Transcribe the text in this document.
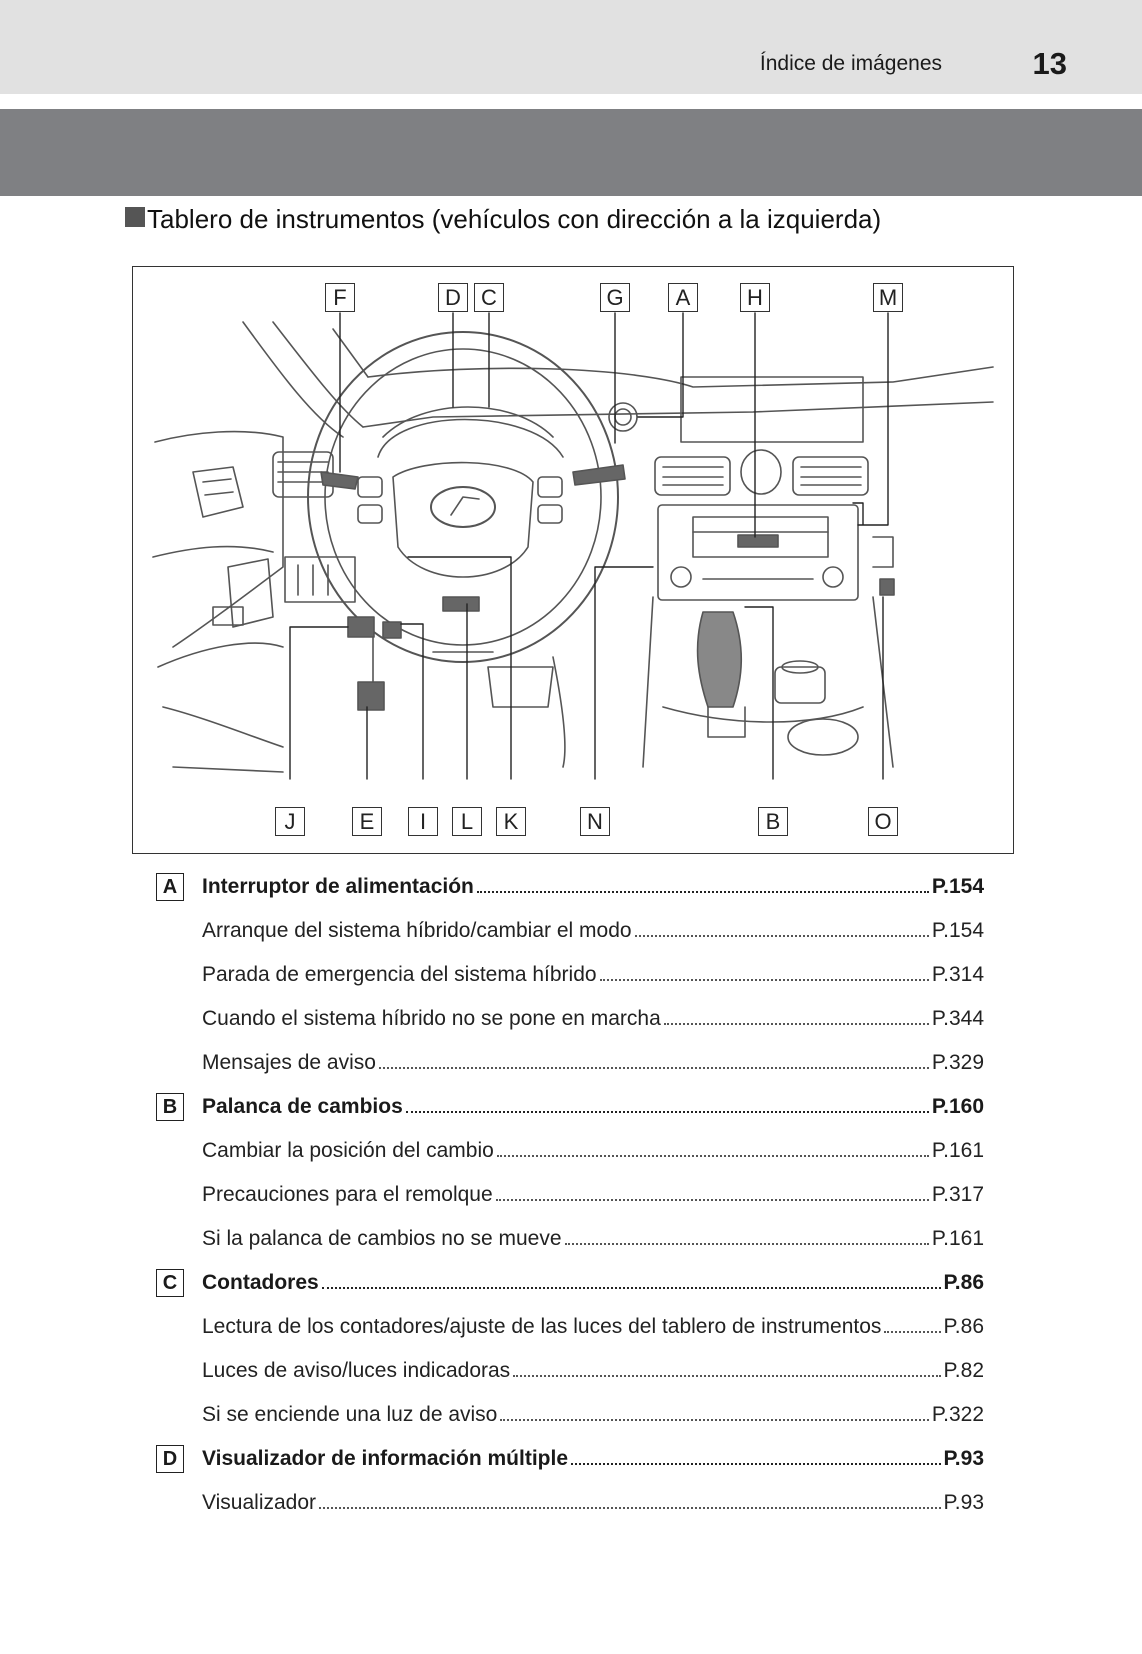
Índice de imágenes	13
Tablero de instrumentos (vehículos con dirección a la izquierda)
F	D C	G	A	H	M
J	E	I	L	K	N	B	O
A	Interruptor de alimentación	P.154
Arranque del sistema híbrido/cambiar el modo	P.154
Parada de emergencia del sistema híbrido	P.314
Cuando el sistema híbrido no se pone en marcha	P.344
Mensajes de aviso	P.329
B	Palanca de cambios	P.160
Cambiar la posición del cambio	P.161
Precauciones para el remolque	P.317
Si la palanca de cambios no se mueve	P.161
C	Contadores	P.86
Lectura de los contadores/ajuste de las luces del tablero de instrumentos	P.86
Luces de aviso/luces indicadoras	P.82
Si se enciende una luz de aviso	P.322
D	Visualizador de información múltiple	P.93
Visualizador	P.93
